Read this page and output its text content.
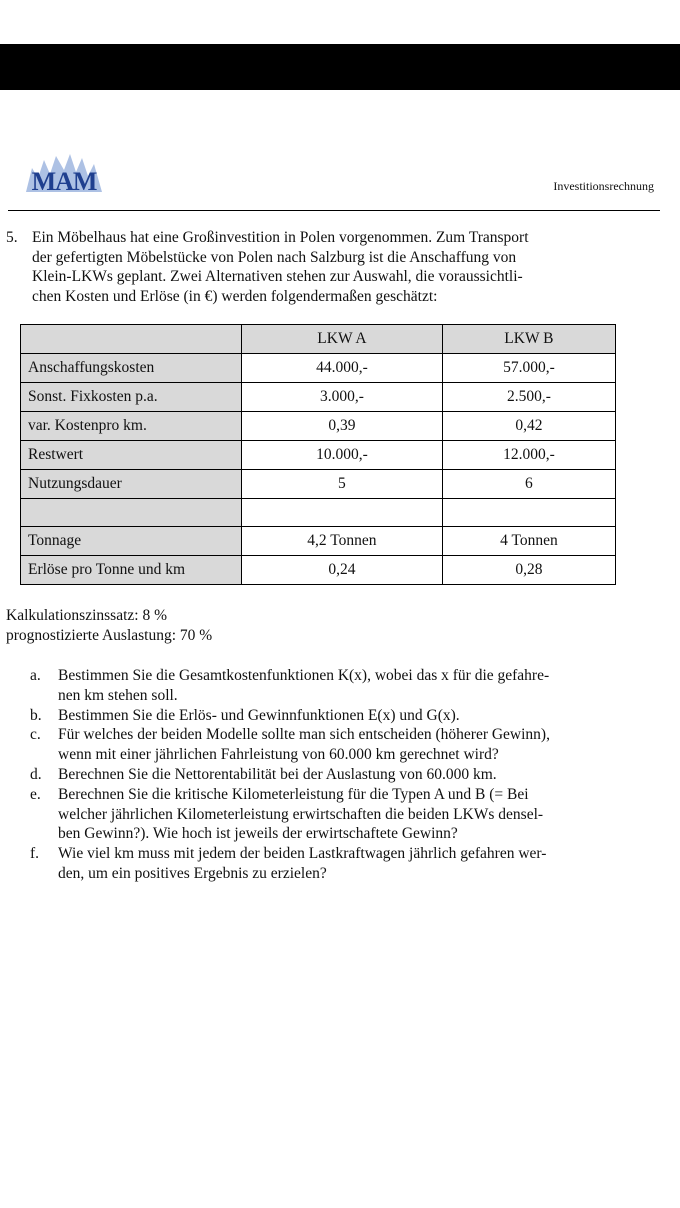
MAM	Investitionsrechnung
5. Ein Möbelhaus hat eine Großinvestition in Polen vorgenommen. Zum Transport
der gefertigten Möbelstücke von Polen nach Salzburg ist die Anschaffung von
Klein-LKWs geplant. Zwei Alternativen stehen zur Auswahl, die voraussichtli-
chen Kosten und Erlöse (in €) werden folgendermaßen geschätzt:
	LKW A	LKW B
Anschaffungskosten	44.000,-	57.000,-
Sonst. Fixkosten p.a.	3.000,-	2.500,-
var. Kostenpro km.	0,39	0,42
Restwert	10.000,-	12.000,-
Nutzungsdauer	5	6

Tonnage	4,2 Tonnen	4 Tonnen
Erlöse pro Tonne und km	0,24	0,28
Kalkulationszinssatz: 8 %
prognostizierte Auslastung: 70 %
a. Bestimmen Sie die Gesamtkostenfunktionen K(x), wobei das x für die gefahre-
nen km stehen soll.
b. Bestimmen Sie die Erlös- und Gewinnfunktionen E(x) und G(x).
c. Für welches der beiden Modelle sollte man sich entscheiden (höherer Gewinn),
wenn mit einer jährlichen Fahrleistung von 60.000 km gerechnet wird?
d. Berechnen Sie die Nettorentabilität bei der Auslastung von 60.000 km.
e. Berechnen Sie die kritische Kilometerleistung für die Typen A und B (= Bei
welcher jährlichen Kilometerleistung erwirtschaften die beiden LKWs densel-
ben Gewinn?). Wie hoch ist jeweils der erwirtschaftete Gewinn?
f. Wie viel km muss mit jedem der beiden Lastkraftwagen jährlich gefahren wer-
den, um ein positives Ergebnis zu erzielen?
